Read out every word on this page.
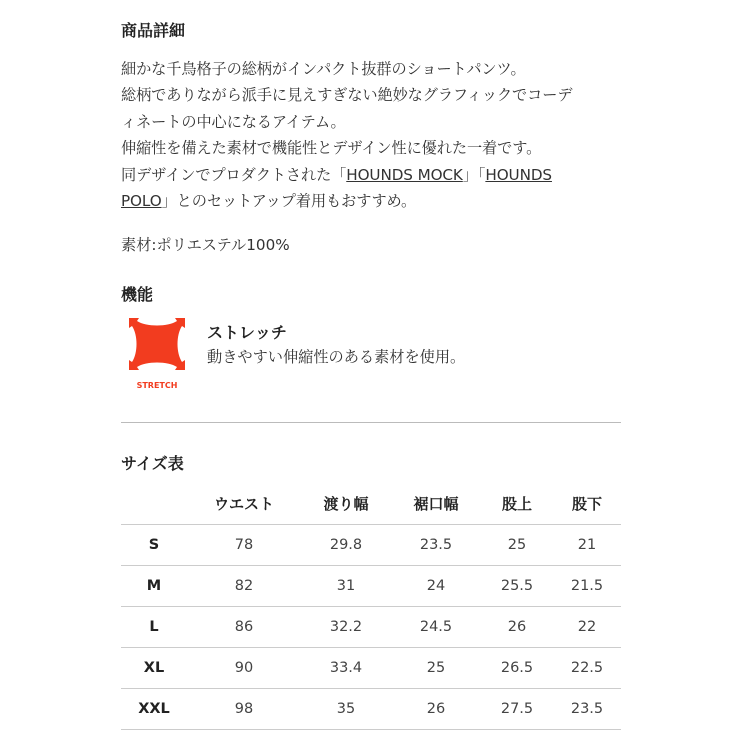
商品詳細
細かな千鳥格子の総柄がインパクト抜群のショートパンツ。
総柄でありながら派手に見えすぎない絶妙なグラフィックでコーデ
ィネートの中心になるアイテム。
伸縮性を備えた素材で機能性とデザイン性に優れた一着です。
同デザインでプロダクトされた「HOUNDS MOCK」「HOUNDS
POLO」とのセットアップ着用もおすすめ。
素材:ポリエステル100%
機能
STRETCH
ストレッチ
動きやすい伸縮性のある素材を使用。
サイズ表
	ウエスト	渡り幅	裾口幅	股上	股下
S	78	29.8	23.5	25	21
M	82	31	24	25.5	21.5
L	86	32.2	24.5	26	22
XL	90	33.4	25	26.5	22.5
XXL	98	35	26	27.5	23.5
